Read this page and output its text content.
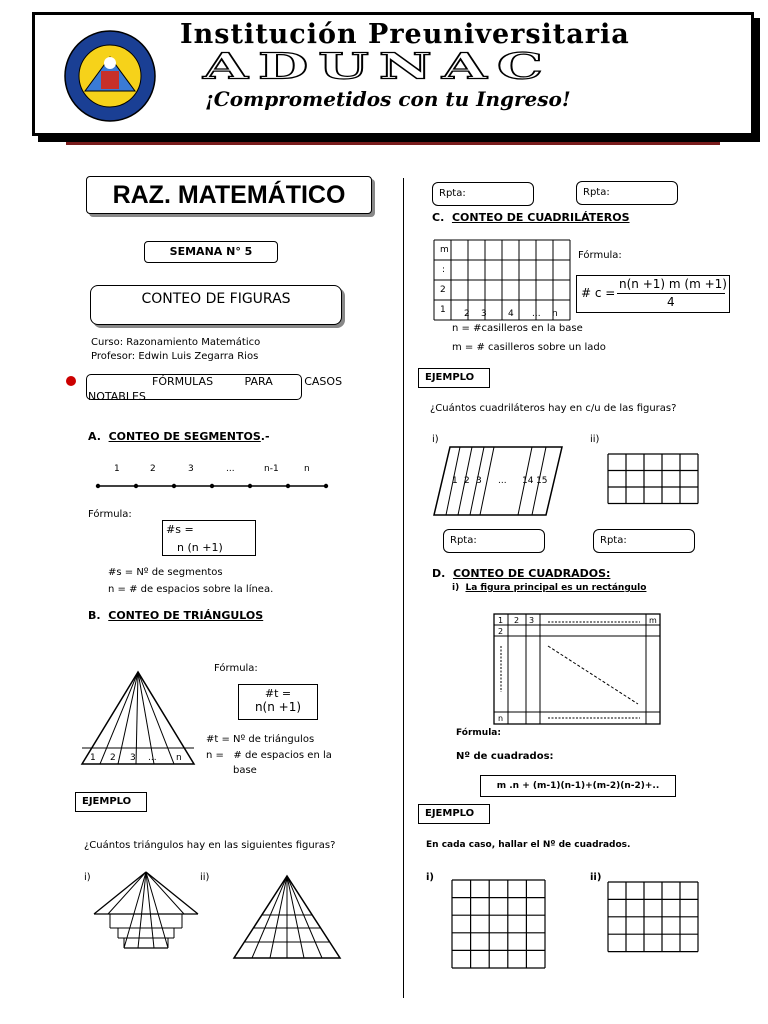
Institución Preuniversitaria
ADUNAC
¡Comprometidos con tu Ingreso!
RAZ. MATEMÁTICO
SEMANA N° 5
CONTEO DE FIGURAS
Curso: Razonamiento Matemático
Profesor: Edwin Luis Zegarra Rios
FÓRMULAS PARA CASOS
NOTABLES
A. CONTEO DE SEGMENTOS.-
1	2	3	...	n-1	n
Fórmula:
#s =
n (n +1)
#s = Nº de segmentos
n = # de espacios sobre la línea.
B. CONTEO DE TRIÁNGULOS
1 2 3 ... n
Fórmula:
#t =
n(n +1)
#t = Nº de triángulos
n =   # de espacios en la
base
EJEMPLO
¿Cuántos triángulos hay en las siguientes figuras?
i)	ii)
Rpta:	Rpta:
C. CONTEO DE CUADRILÁTEROS
m
:
2
1 2 3 4 ... n
Fórmula:
# c =
n(n +1) m (m +1)
4
n = #casilleros en la base
m = # casilleros sobre un lado
EJEMPLO
¿Cuántos cuadriláteros hay en c/u de las figuras?
i)	ii)
1 2 3 ... 14 15
Rpta:	Rpta:
D. CONTEO DE CUADRADOS:
i) La figura principal es un rectángulo
1 2 3	m
2
n
Fórmula:
Nº de cuadrados:
m .n + (m-1)(n-1)+(m-2)(n-2)+..
EJEMPLO
En cada caso, hallar el Nº de cuadrados.
i)	ii)
